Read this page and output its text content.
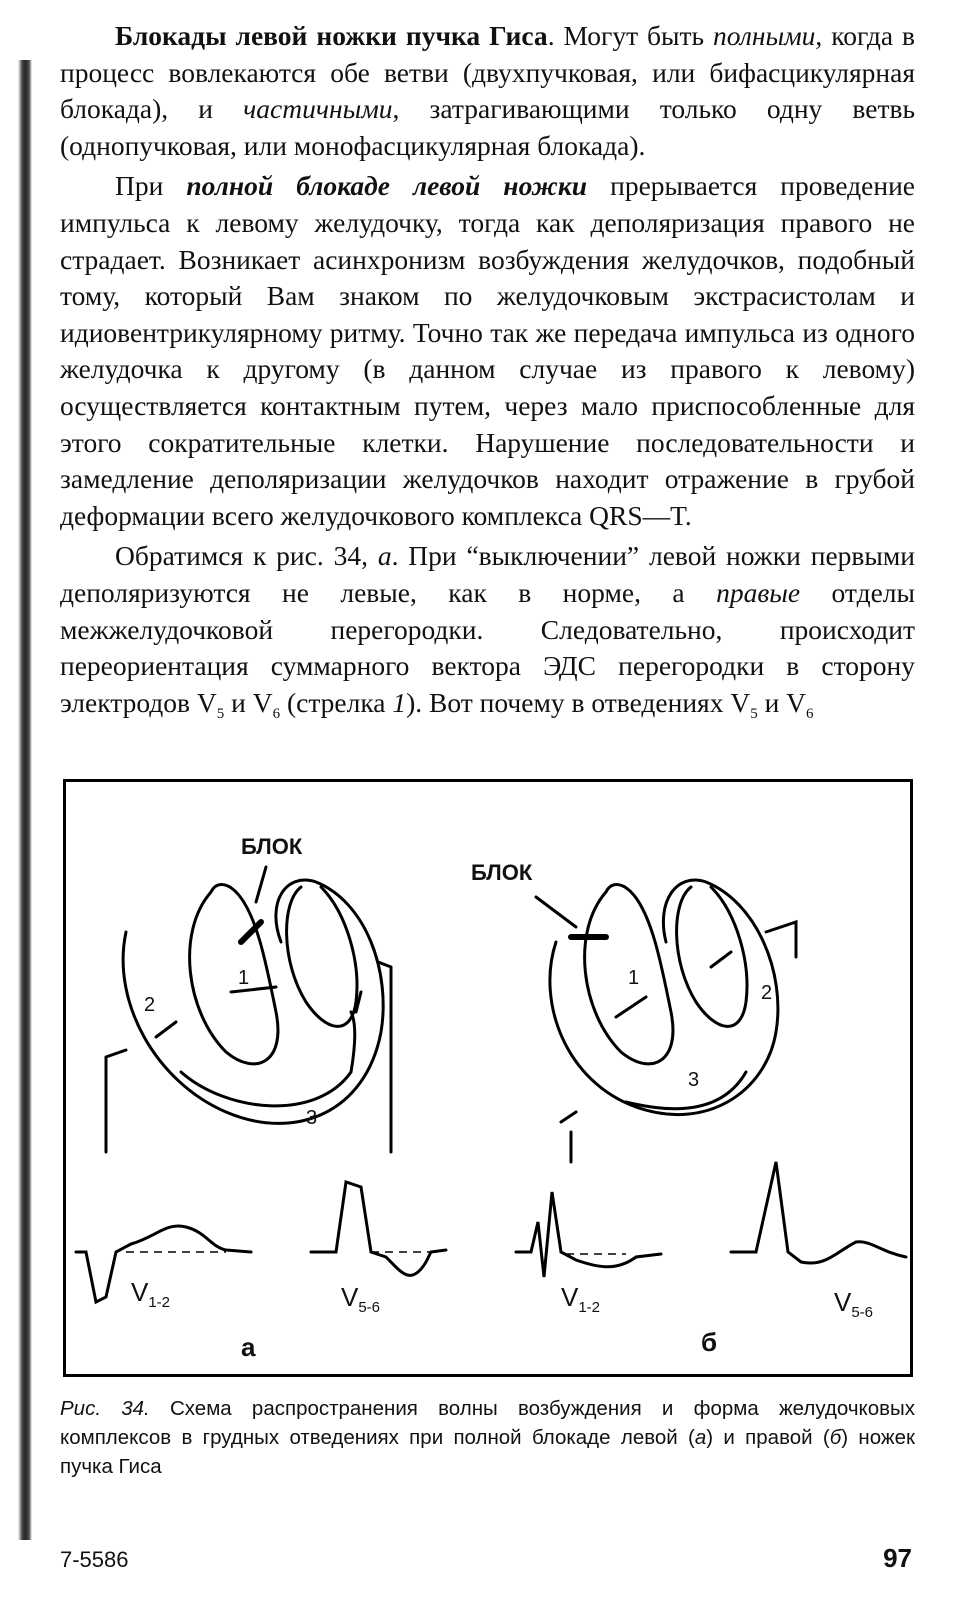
Блокады левой ножки пучка Гиса. Могут быть полными, когда в процесс вовлекаются обе ветви (двухпучковая, или бифасцикулярная блокада), и частичными, затрагивающими только одну ветвь (однопучковая, или монофасцикулярная блокада).

При полной блокаде левой ножки прерывается проведение импульса к левому желудочку, тогда как деполяризация правого не страдает. Возникает асинхронизм возбуждения желудочков, подобный тому, который Вам знаком по желудочковым экстрасистолам и идиовентрикулярному ритму. Точно так же передача импульса из одного желудочка к другому (в данном случае из правого к левому) осуществляется контактным путем, через мало приспособленные для этого сократительные клетки. Нарушение последовательности и замедление деполяризации желудочков находит отражение в грубой деформации всего желудочкового комплекса QRS—T.

Обратимся к рис. 34, а. При “выключении” левой ножки первыми деполяризуются не левые, как в норме, а правые отделы межжелудочковой перегородки. Следовательно, происходит переориентация суммарного вектора ЭДС перегородки в сторону электродов $V_5$ и $V_6$ (стрелка 1). Вот почему в отведениях $V_5$ и $V_6$

БЛОК
БЛОК
1
2
3
1
2
3
$V_{1-2}$	$V_{5-6}$	$V_{1-2}$	$V_{5-6}$
а	б
Рис. 34. Схема распространения волны возбуждения и форма желудочковых комплексов в грудных отведениях при полной блокаде левой (а) и правой (б) ножек пучка Гиса
7-5586	97
